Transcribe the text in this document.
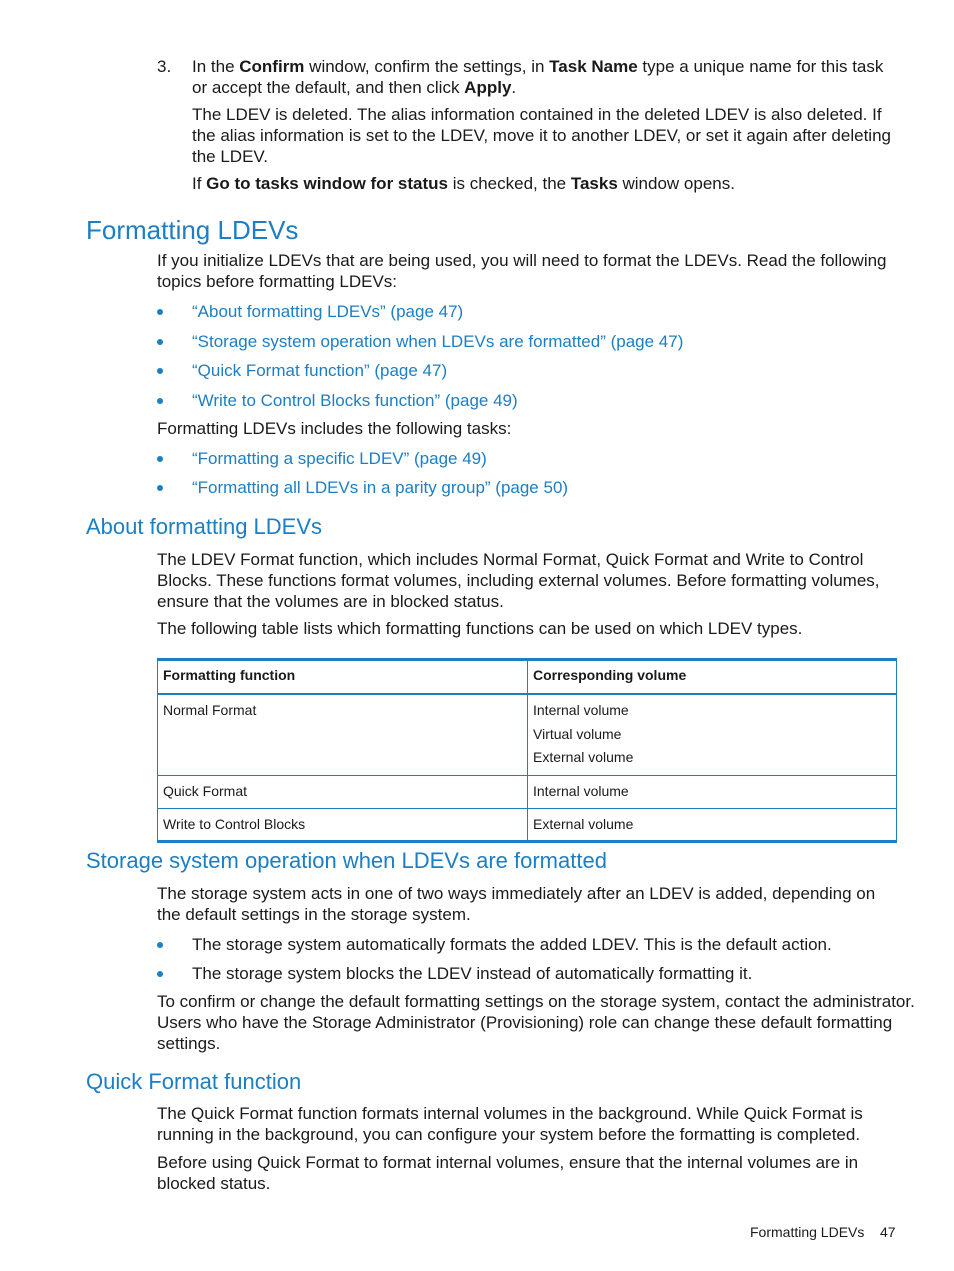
3. In the Confirm window, confirm the settings, in Task Name type a unique name for this task
or accept the default, and then click Apply.
The LDEV is deleted. The alias information contained in the deleted LDEV is also deleted. If
the alias information is set to the LDEV, move it to another LDEV, or set it again after deleting
the LDEV.
If Go to tasks window for status is checked, the Tasks window opens.
Formatting LDEVs
If you initialize LDEVs that are being used, you will need to format the LDEVs. Read the following
topics before formatting LDEVs:
“About formatting LDEVs” (page 47)
“Storage system operation when LDEVs are formatted” (page 47)
“Quick Format function” (page 47)
“Write to Control Blocks function” (page 49)
Formatting LDEVs includes the following tasks:
“Formatting a specific LDEV” (page 49)
“Formatting all LDEVs in a parity group” (page 50)
About formatting LDEVs
The LDEV Format function, which includes Normal Format, Quick Format and Write to Control
Blocks. These functions format volumes, including external volumes. Before formatting volumes,
ensure that the volumes are in blocked status.
The following table lists which formatting functions can be used on which LDEV types.
Formatting function	Corresponding volume

Normal Format	Internal volume
Virtual volume
External volume

Quick Format	Internal volume

Write to Control Blocks	External volume
Storage system operation when LDEVs are formatted
The storage system acts in one of two ways immediately after an LDEV is added, depending on
the default settings in the storage system.
The storage system automatically formats the added LDEV. This is the default action.
The storage system blocks the LDEV instead of automatically formatting it.
To confirm or change the default formatting settings on the storage system, contact the administrator.
Users who have the Storage Administrator (Provisioning) role can change these default formatting
settings.
Quick Format function
The Quick Format function formats internal volumes in the background. While Quick Format is
running in the background, you can configure your system before the formatting is completed.
Before using Quick Format to format internal volumes, ensure that the internal volumes are in
blocked status.
Formatting LDEVs 47
